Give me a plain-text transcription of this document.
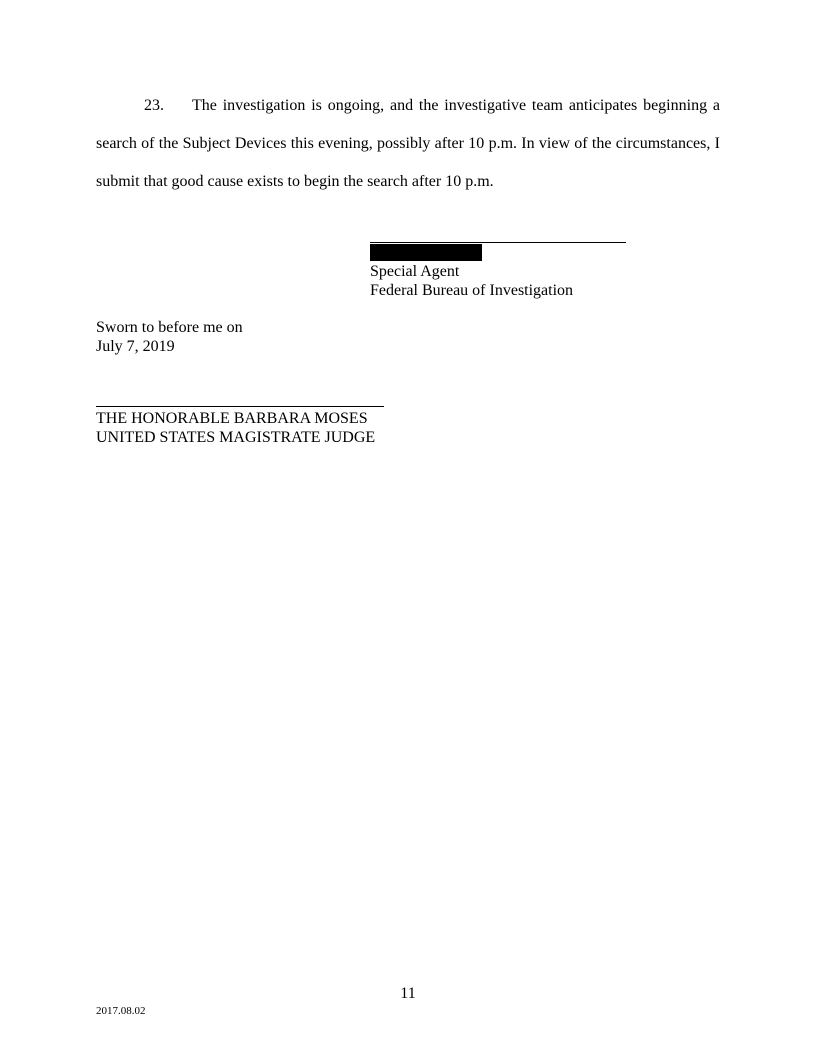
23. The investigation is ongoing, and the investigative team anticipates beginning a
search of the Subject Devices this evening, possibly after 10 p.m. In view of the circumstances, I
submit that good cause exists to begin the search after 10 p.m.
Special Agent
Federal Bureau of Investigation
Sworn to before me on
July 7, 2019
THE HONORABLE BARBARA MOSES
UNITED STATES MAGISTRATE JUDGE
11
2017.08.02
